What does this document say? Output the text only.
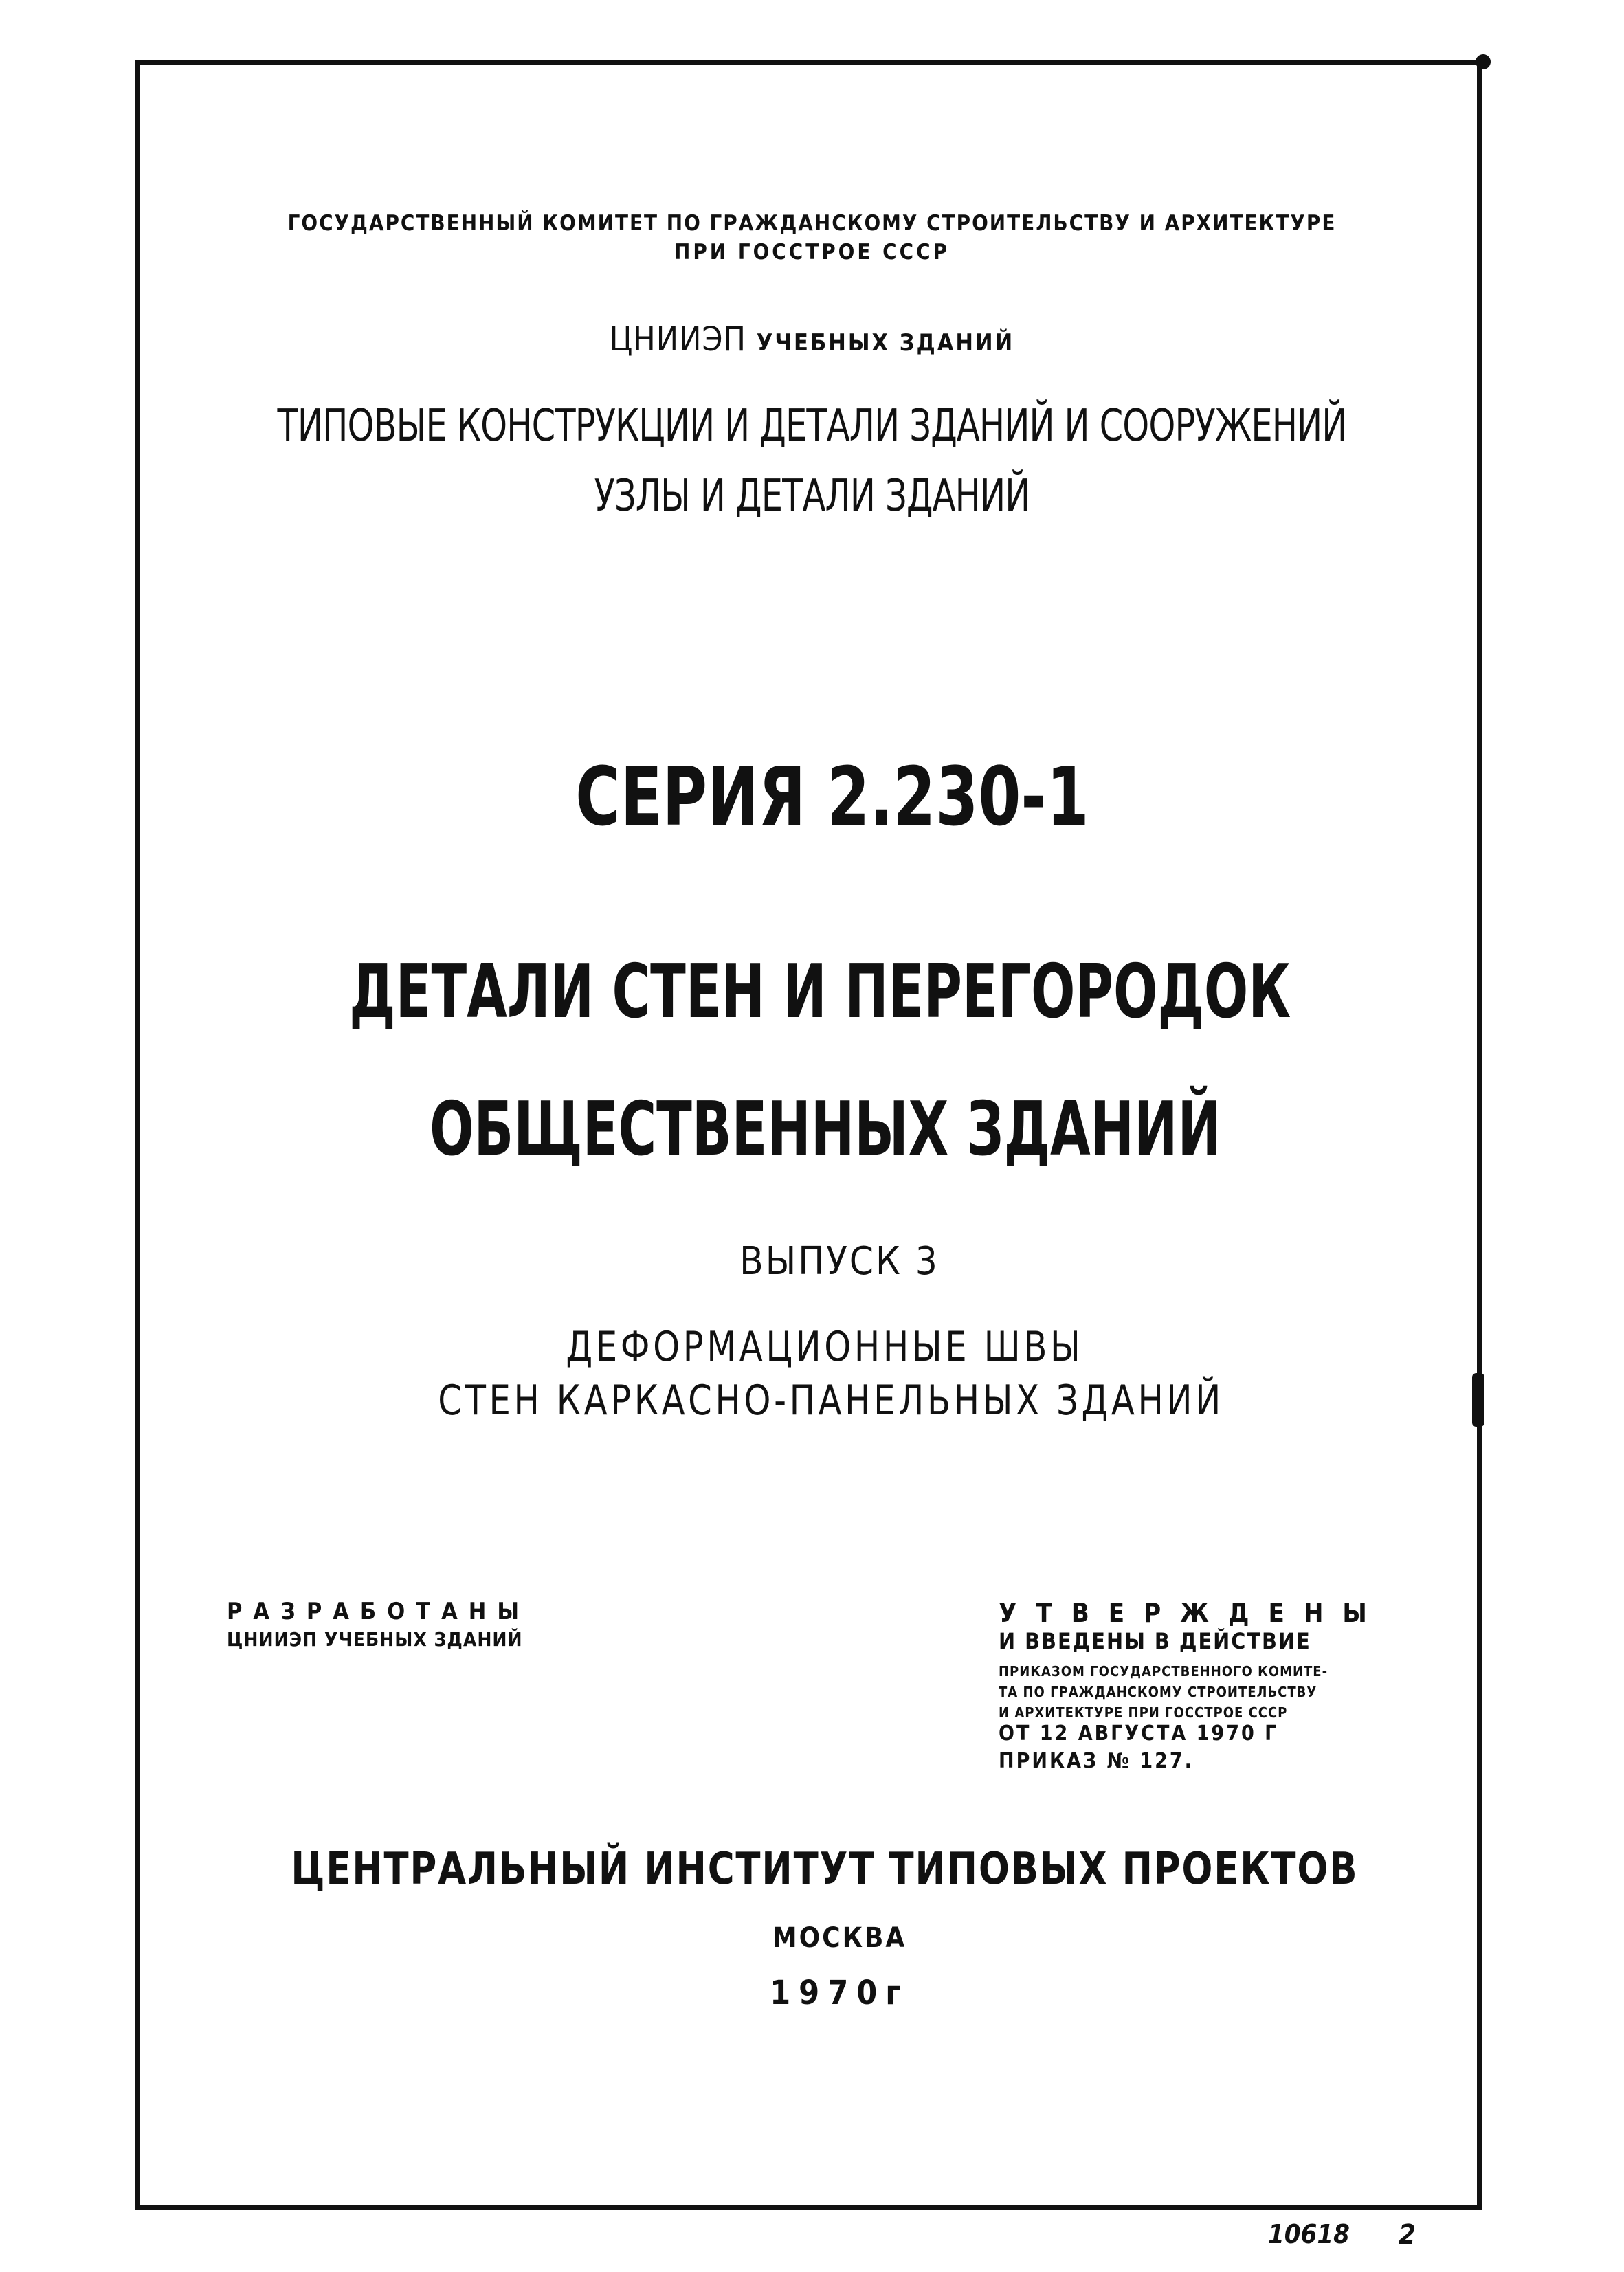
ГОСУДАРСТВЕННЫЙ КОМИТЕТ ПО ГРАЖДАНСКОМУ СТРОИТЕЛЬСТВУ И АРХИТЕКТУРЕ
ПРИ ГОССТРОЕ СССР
ЦНИИЭП УЧЕБНЫХ ЗДАНИЙ
ТИПОВЫЕ КОНСТРУКЦИИ И ДЕТАЛИ ЗДАНИЙ И СООРУЖЕНИЙ
УЗЛЫ И ДЕТАЛИ ЗДАНИЙ
СЕРИЯ 2.230-1
ДЕТАЛИ СТЕН И ПЕРЕГОРОДОК
ОБЩЕСТВЕННЫХ ЗДАНИЙ
ВЫПУСК 3
ДЕФОРМАЦИОННЫЕ ШВЫ
СТЕН КАРКАСНО-ПАНЕЛЬНЫХ ЗДАНИЙ
РАЗРАБОТАНЫ
ЦНИИЭП УЧЕБНЫХ ЗДАНИЙ
УТВЕРЖДЕНЫ
И ВВЕДЕНЫ В ДЕЙСТВИЕ
ПРИКАЗОМ ГОСУДАРСТВЕННОГО КОМИТЕ-
ТА ПО ГРАЖДАНСКОМУ СТРОИТЕЛЬСТВУ
И АРХИТЕКТУРЕ ПРИ ГОССТРОЕ СССР
ОТ 12 АВГУСТА 1970 Г
ПРИКАЗ № 127.
ЦЕНТРАЛЬНЫЙ ИНСТИТУТ ТИПОВЫХ ПРОЕКТОВ
МОСКВА
1970г
10618 2
